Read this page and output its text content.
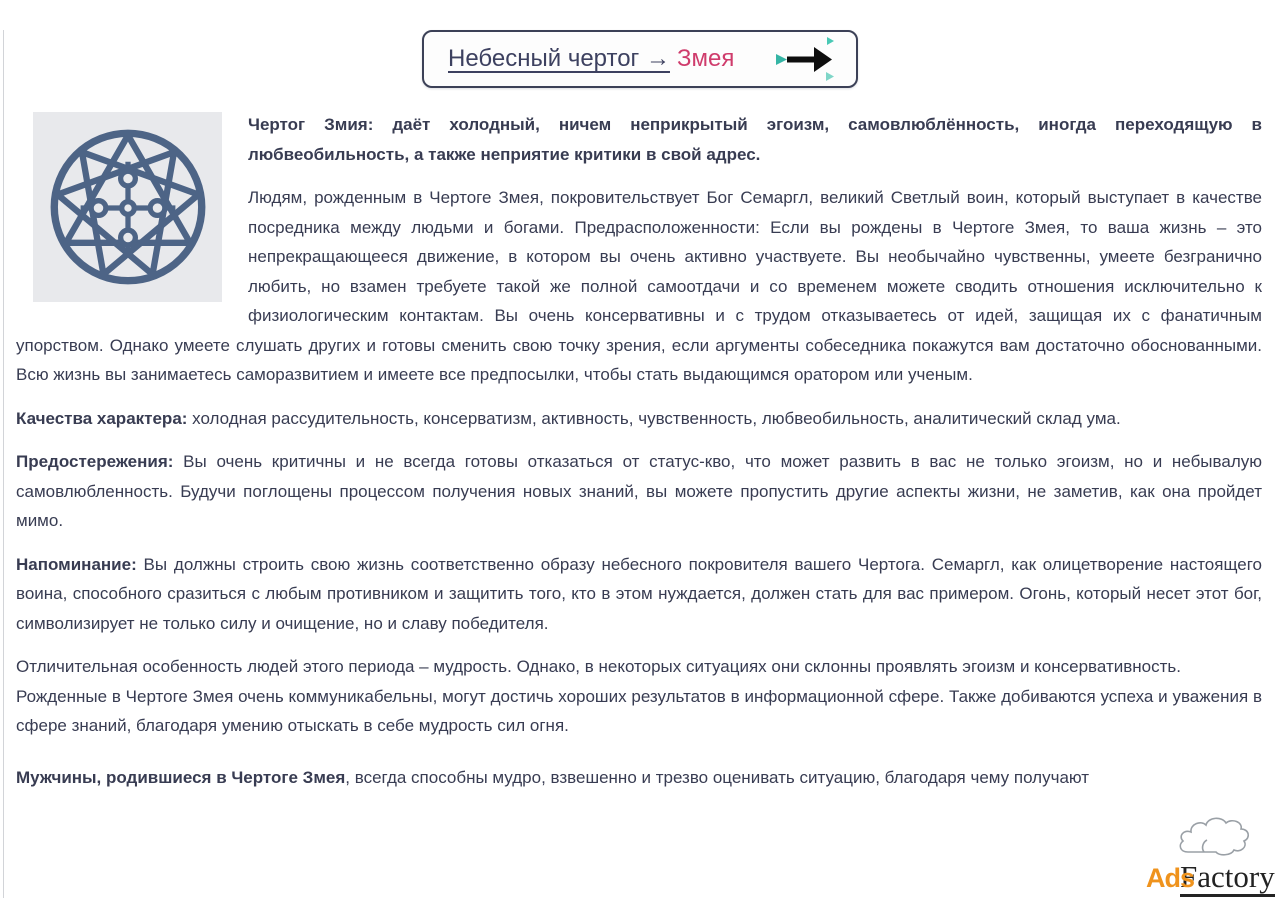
Небесный чертог → Змея

Чертог Змия: даёт холодный, ничем неприкрытый эгоизм, самовлюблённость, иногда переходящую в любвеобильность, а также неприятие критики в свой адрес.

Людям, рожденным в Чертоге Змея, покровительствует Бог Семаргл, великий Светлый воин, который выступает в качестве посредника между людьми и богами. Предрасположенности: Если вы рождены в Чертоге Змея, то ваша жизнь – это непрекращающееся движение, в котором вы очень активно участвуете. Вы необычайно чувственны, умеете безгранично любить, но взамен требуете такой же полной самоотдачи и со временем можете сводить отношения исключительно к физиологическим контактам. Вы очень консервативны и с трудом отказываетесь от идей, защищая их с фанатичным упорством. Однако умеете слушать других и готовы сменить свою точку зрения, если аргументы собеседника покажутся вам достаточно обоснованными. Всю жизнь вы занимаетесь саморазвитием и имеете все предпосылки, чтобы стать выдающимся оратором или ученым.

Качества характера: холодная рассудительность, консерватизм, активность, чувственность, любвеобильность, аналитический склад ума.

Предостережения: Вы очень критичны и не всегда готовы отказаться от статус-кво, что может развить в вас не только эгоизм, но и небывалую самовлюбленность. Будучи поглощены процессом получения новых знаний, вы можете пропустить другие аспекты жизни, не заметив, как она пройдет мимо.

Напоминание: Вы должны строить свою жизнь соответственно образу небесного покровителя вашего Чертога. Семаргл, как олицетворение настоящего воина, способного сразиться с любым противником и защитить того, кто в этом нуждается, должен стать для вас примером. Огонь, который несет этот бог, символизирует не только силу и очищение, но и славу победителя.

Отличительная особенность людей этого периода – мудрость. Однако, в некоторых ситуациях они склонны проявлять эгоизм и консервативность.

Рожденные в Чертоге Змея очень коммуникабельны, могут достичь хороших результатов в информационной сфере. Также добиваются успеха и уважения в сфере знаний, благодаря умению отыскать в себе мудрость сил огня.

Мужчины, родившиеся в Чертоге Змея, всегда способны мудро, взвешенно и трезво оценивать ситуацию, благодаря чему получают

AdsFactory
